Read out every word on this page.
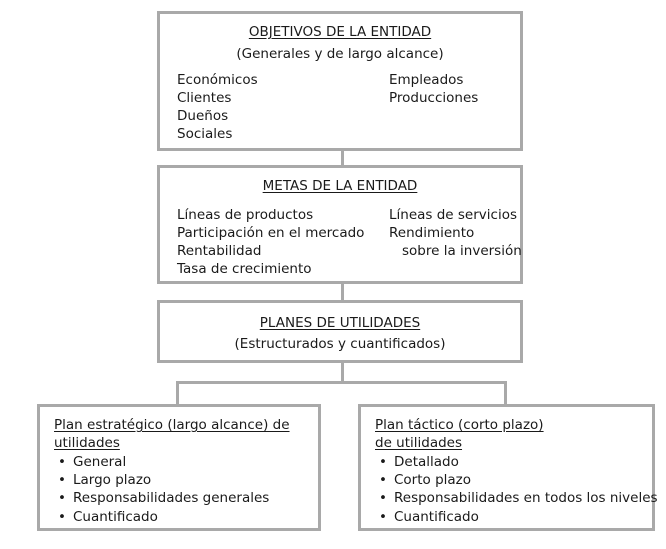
OBJETIVOS DE LA ENTIDAD
(Generales y de largo alcance)
Económicos
Clientes
Dueños
Sociales
Empleados
Producciones
METAS DE LA ENTIDAD
Líneas de productos
Participación en el mercado
Rentabilidad
Tasa de crecimiento
Líneas de servicios
Rendimiento
sobre la inversión
PLANES DE UTILIDADES
(Estructurados y cuantificados)
Plan estratégico (largo alcance) de
utilidades
• General
• Largo plazo
• Responsabilidades generales
• Cuantificado
Plan táctico (corto plazo)
de utilidades
• Detallado
• Corto plazo
• Responsabilidades en todos los niveles
• Cuantificado
